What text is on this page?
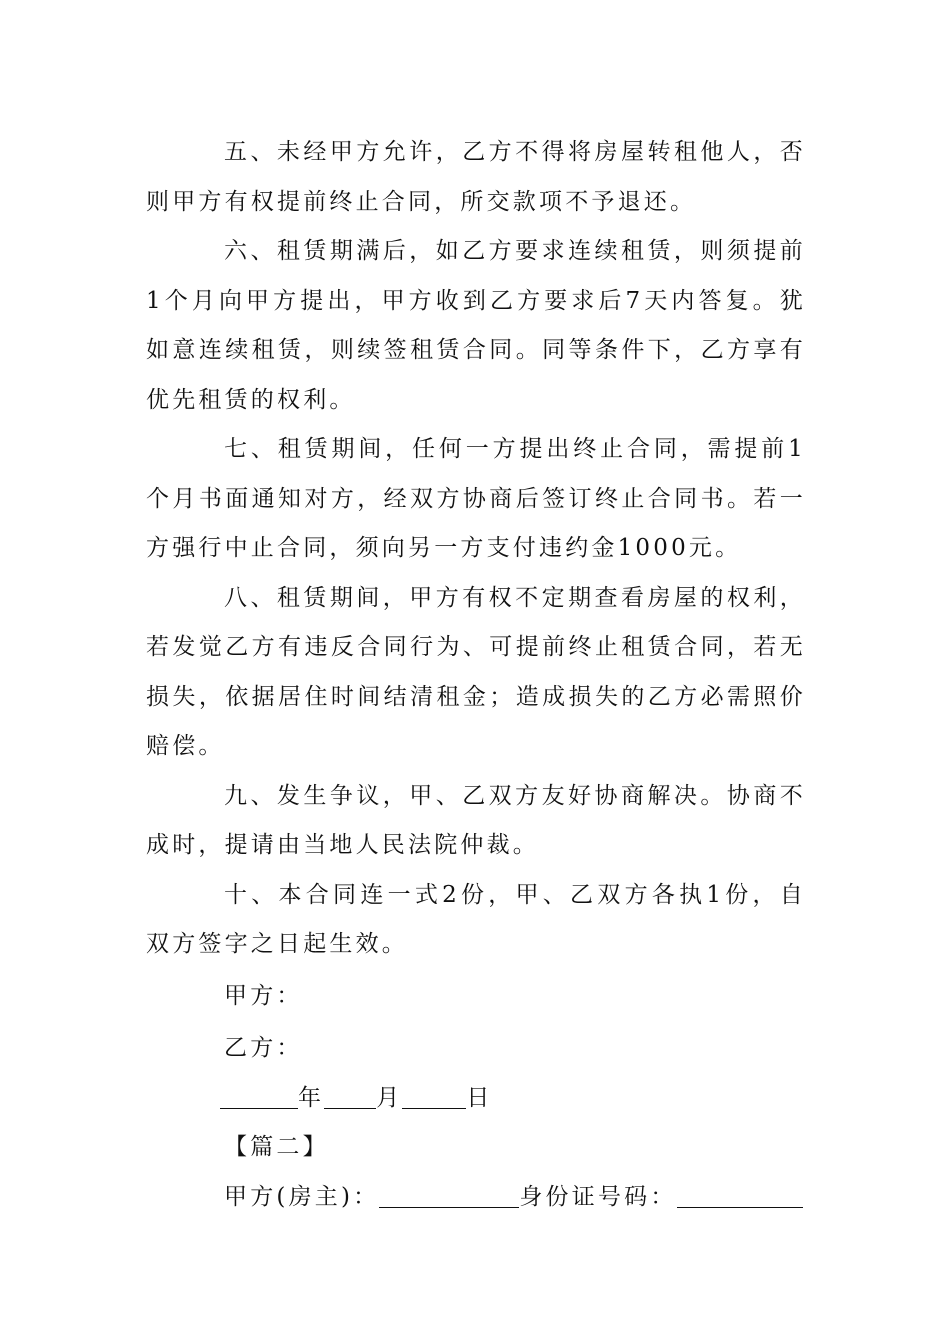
五、未经甲方允许，乙方不得将房屋转租他人，否则甲方有权提前终止合同，所交款项不予退还。

六、租赁期满后，如乙方要求连续租赁，则须提前1个月向甲方提出，甲方收到乙方要求后7天内答复。犹如意连续租赁，则续签租赁合同。同等条件下，乙方享有优先租赁的权利。

七、租赁期间，任何一方提出终止合同，需提前1个月书面通知对方，经双方协商后签订终止合同书。若一方强行中止合同，须向另一方支付违约金1000元。

八、租赁期间，甲方有权不定期查看房屋的权利，若发觉乙方有违反合同行为、可提前终止租赁合同，若无损失，依据居住时间结清租金；造成损失的乙方必需照价赔偿。

九、发生争议，甲、乙双方友好协商解决。协商不成时，提请由当地人民法院仲裁。

十、本合同连一式2份，甲、乙双方各执1份，自双方签字之日起生效。

甲方：

乙方：

年 月	日

【篇二】

甲方(房主)：	身份证号码：
